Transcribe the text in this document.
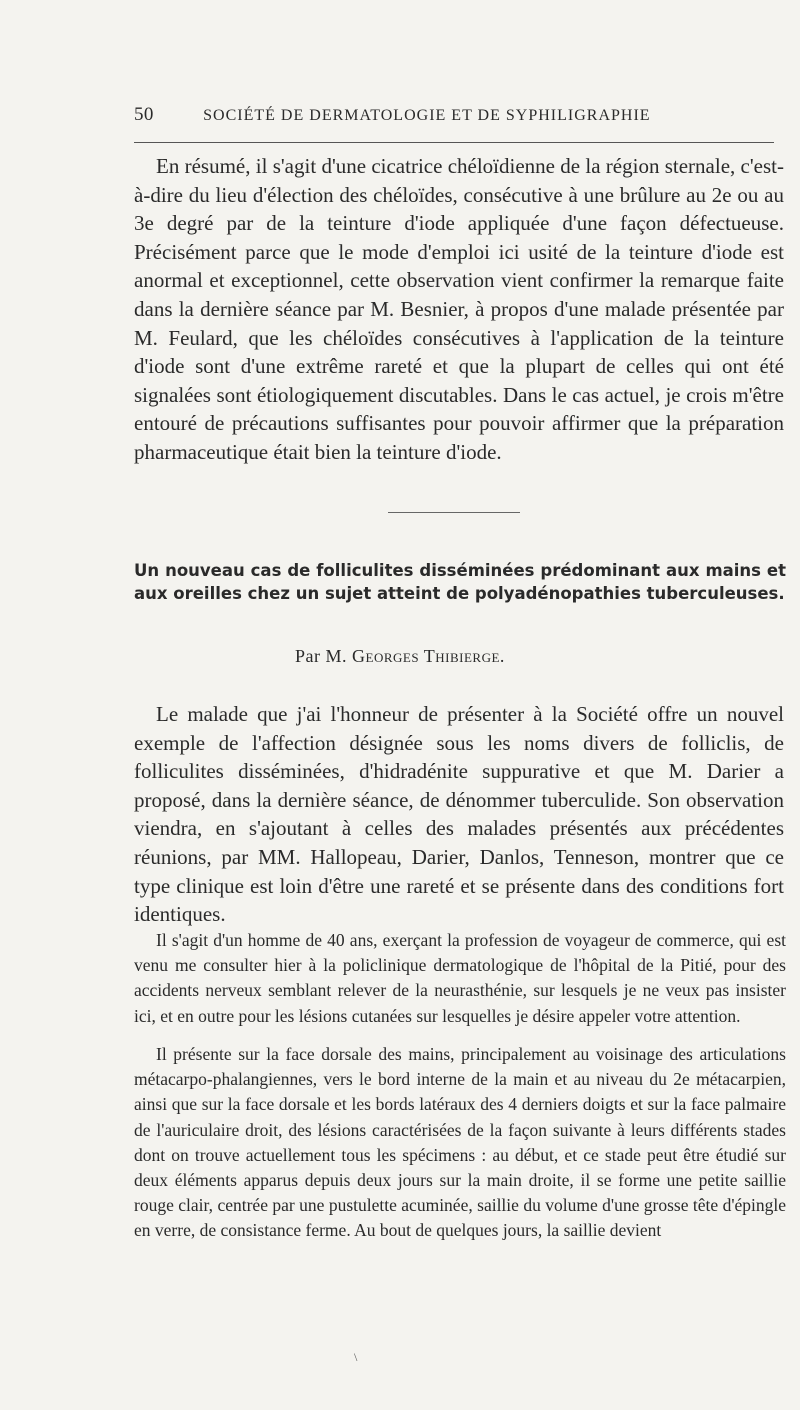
50	SOCIÉTÉ DE DERMATOLOGIE ET DE SYPHILIGRAPHIE

En résumé, il s'agit d'une cicatrice chéloïdienne de la région sternale, c'est-à-dire du lieu d'élection des chéloïdes, consécutive à une brûlure au 2e ou au 3e degré par de la teinture d'iode appliquée d'une façon défectueuse. Précisément parce que le mode d'emploi ici usité de la teinture d'iode est anormal et exceptionnel, cette observation vient confirmer la remarque faite dans la dernière séance par M. Besnier, à propos d'une malade présentée par M. Feulard, que les chéloïdes consécutives à l'application de la teinture d'iode sont d'une extrême rareté et que la plupart de celles qui ont été signalées sont étiologiquement discutables. Dans le cas actuel, je crois m'être entouré de précautions suffisantes pour pouvoir affirmer que la préparation pharmaceutique était bien la teinture d'iode.

Un nouveau cas de folliculites disséminées prédominant aux mains et aux oreilles chez un sujet atteint de polyadénopathies tuberculeuses.

Par M. Georges Thibierge.

Le malade que j'ai l'honneur de présenter à la Société offre un nouvel exemple de l'affection désignée sous les noms divers de folliclis, de folliculites disséminées, d'hidradénite suppurative et que M. Darier a proposé, dans la dernière séance, de dénommer tuberculide. Son observation viendra, en s'ajoutant à celles des malades présentés aux précédentes réunions, par MM. Hallopeau, Darier, Danlos, Tenneson, montrer que ce type clinique est loin d'être une rareté et se présente dans des conditions fort identiques.

Il s'agit d'un homme de 40 ans, exerçant la profession de voyageur de commerce, qui est venu me consulter hier à la policlinique dermatologique de l'hôpital de la Pitié, pour des accidents nerveux semblant relever de la neurasthénie, sur lesquels je ne veux pas insister ici, et en outre pour les lésions cutanées sur lesquelles je désire appeler votre attention.

Il présente sur la face dorsale des mains, principalement au voisinage des articulations métacarpo-phalangiennes, vers le bord interne de la main et au niveau du 2e métacarpien, ainsi que sur la face dorsale et les bords latéraux des 4 derniers doigts et sur la face palmaire de l'auriculaire droit, des lésions caractérisées de la façon suivante à leurs différents stades dont on trouve actuellement tous les spécimens : au début, et ce stade peut être étudié sur deux éléments apparus depuis deux jours sur la main droite, il se forme une petite saillie rouge clair, centrée par une pustulette acuminée, saillie du volume d'une grosse tête d'épingle en verre, de consistance ferme. Au bout de quelques jours, la saillie devient

\
